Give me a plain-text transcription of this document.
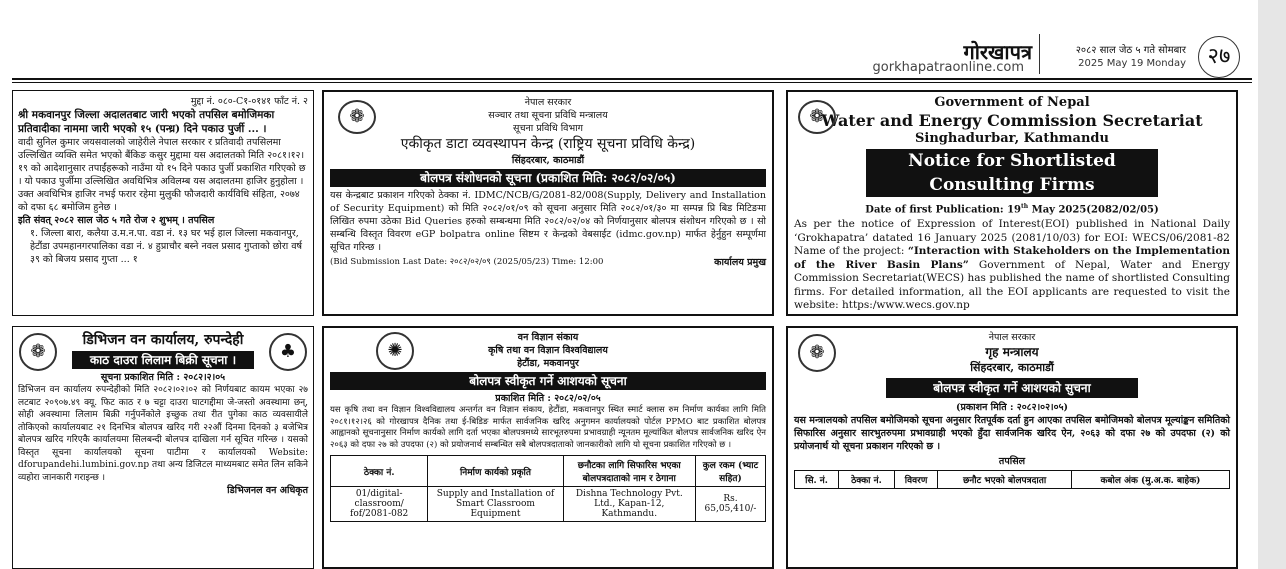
गोरखापत्र
gorkhapatraonline.com
२०८२ साल जेठ ५ गते सोमबार
2025 May 19 Monday २७
मुद्दा नं. ०८०-C१-०१४१ फाँट नं. २
श्री मकवानपुर जिल्ला अदालतबाट जारी भएको तपसिल बमोजिमका प्रतिवादीका नाममा जारी भएको १५ (पन्ध्र) दिने पकाउ पुर्जी ... ।
वादी सुनिल कुमार जयसवालको जाहेरीले नेपाल सरकार र प्रतिवादी तपसिलमा उल्लिखित व्यक्ति समेत भएको बैंकिङ कसुर मुद्दामा यस अदालतको मिति २०८१।१२।१९ को आदेशानुसार तपाईंहरूको नाउँमा यो १५ दिने पकाउ पुर्जी प्रकाशित गरिएको छ । यो पकाउ पुर्जीमा उल्लिखित अवधिभित्र अविलम्ब यस अदालतमा हाजिर हुनुहोला । उक्त अवधिभित्र हाजिर नभई फरार रहेमा मुलुकी फौजदारी कार्यविधि संहिता, २०७४ को दफा ६८ बमोजिम हुनेछ ।
इति संवत् २०८२ साल जेठ ५ गते रोज २ शुभम् । तपसिल
१. जिल्ला बारा, कलैया उ.म.न.पा. वडा नं. १३ घर भई हाल जिल्ला मकवानपुर, हेटौंडा उपमहानगरपालिका वडा नं. ४ हुप्राचौर बस्ने नवल प्रसाद गुप्ताको छोरा वर्ष ३९ को बिजय प्रसाद गुप्ता ... १
❁
नेपाल सरकार
सञ्चार तथा सूचना प्रविधि मन्त्रालय
सूचना प्रविधि विभाग
एकीकृत डाटा व्यवस्थापन केन्द्र (राष्ट्रिय सूचना प्रविधि केन्द्र)
सिंहदरबार, काठमाडौं
बोलपत्र संशोधनको सूचना (प्रकाशित मिति: २०८२/०२/०५)
यस केन्द्रबाट प्रकाशन गरिएको ठेक्का नं. IDMC/NCB/G/2081-82/008(Supply, Delivery and Installation of Security Equipment) को मिति २०८२/०१/०९ को सूचना अनुसार मिति २०८२/०१/३० मा सम्पन्न प्रि बिड मिटिङमा लिखित रुपमा उठेका Bid Queries हरुको सम्बन्धमा मिति २०८२/०२/०४ को निर्णयानुसार बोलपत्र संशोधन गरिएको छ । सो सम्बन्धि विस्तृत विवरण eGP bolpatra online सिष्टम र केन्द्रको वेबसाईट (idmc.gov.np) मार्फत हेर्नुहुन सम्पूर्णमा सूचित गरिन्छ ।
(Bid Submission Last Date: २०८२/०२/०९ (2025/05/23) Time: 12:00	कार्यालय प्रमुख
❁
Government of Nepal
Water and Energy Commission Secretariat
Singhadurbar, Kathmandu
Notice for Shortlisted Consulting Firms
Date of first Publication: 19th May 2025(2082/02/05)
As per the notice of Expression of Interest(EOI) published in National Daily ‘Grokhapatra’ datated 16 January 2025 (2081/10/03) for EOI: WECS/06/2081-82 Name of the project: “Interaction with Stakeholders on the Implementation of the River Basin Plans” Government of Nepal, Water and Energy Commission Secretariat(WECS) has published the name of shortlisted Consulting firms. For detailed information, all the EOI applicants are requested to visit the website: https:/www.wecs.gov.np
❁	♣
डिभिजन वन कार्यालय, रुपन्देही
काठ दाउरा लिलाम बिक्री सूचना ।
सूचना प्रकाशित मिति : २०८२।२।०५
डिभिजन वन कार्यालय रुपन्देहीको मिति २०८२।०२।०२ को निर्णयबाट कायम भएका २७ लटबाट २०९०७.४९ क्यू. फिट काठ र ७ चट्टा दाउरा घाटगद्दीमा जे-जस्तो अवस्थामा छन्, सोही अवस्थामा लिलाम बिक्री गर्नुपर्नेकोले इच्छुक तथा रीत पुगेका काठ व्यवसायीले तोकिएको कार्यालयबाट २१ दिनभित्र बोलपत्र खरिद गरी २२औं दिनमा दिनको ३ बजेभित्र बोलपत्र खरिद गरिएकै कार्यालयमा सिलबन्दी बोलपत्र दाखिला गर्न सूचित गरिन्छ । यसको विस्तृत सूचना कार्यालयको सूचना पाटीमा र कार्यालयको Website: dforupandehi.lumbini.gov.np तथा अन्य डिजिटल माध्यमबाट समेत लिन सकिने व्यहोरा जानकारी गराइन्छ ।
डिभिजनल वन अधिकृत
✺
वन विज्ञान संकाय
कृषि तथा वन विज्ञान विश्वविद्यालय
हेटौंडा, मकवानपुर
बोलपत्र स्वीकृत गर्ने आशयको सूचना
प्रकाशित मिति : २०८२/०२/०५
यस कृषि तथा वन विज्ञान विश्वविद्यालय अन्तर्गत वन विज्ञान संकाय, हेटौंडा, मकवानपुर स्थित स्मार्ट क्लास रुम निर्माण कार्यका लागि मिति २०८१।१२।२६ को गोरखापत्र दैनिक तथा ई-बिडिङ मार्फत सार्वजनिक खरिद अनुगमन कार्यालयको पोर्टल PPMO बाट प्रकाशित बोलपत्र आह्वानको सूचनानुसार निर्माण कार्यको लागि दर्ता भएका बोलपत्रमध्ये सारभूतरुपमा प्रभावग्राही न्यूनतम मूल्यांकित बोलपत्र सार्वजनिक खरिद ऐन २०६३ को दफा २७ को उपदफा (२) को प्रयोजनार्थ सम्बन्धित सबै बोलपत्रदाताको जानकारीको लागि यो सूचना प्रकाशित गरिएको छ ।
ठेक्का नं.	निर्माण कार्यको प्रकृति	छनौटका लागि सिफारिस भएका बोलपत्रदाताको नाम र ठेगाना	कुल रकम (भ्याट सहित)
01/digital-classroom/ fof/2081-082	Supply and Installation of Smart Classroom Equipment	Dishna Technology Pvt. Ltd., Kapan-12, Kathmandu.	Rs. 65,05,410/-
❁
नेपाल सरकार
गृह मन्त्रालय
सिंहदरबार, काठमाडौं
बोलपत्र स्वीकृत गर्ने आशयको सुचना
(प्रकाशन मिति : २०८२।०२।०५)
यस मन्त्रालयको तपसिल बमोजिमको सूचना अनुसार रितपूर्वक दर्ता हुन आएका तपसिल बमोजिमको बोलपत्र मूल्यांङ्कन समितिको सिफारिस अनुसार सारभुतरुपमा प्रभावग्राही भएको हुँदा सार्वजनिक खरिद ऐन, २०६३ को दफा २७ को उपदफा (२) को प्रयोजनार्थ यो सूचना प्रकाशन गरिएको छ ।
तपसिल
सि. नं.	ठेक्का नं.	विवरण	छनौट भएको बोलपत्रदाता	कबोल अंक (मु.अ.क. बाहेक)
